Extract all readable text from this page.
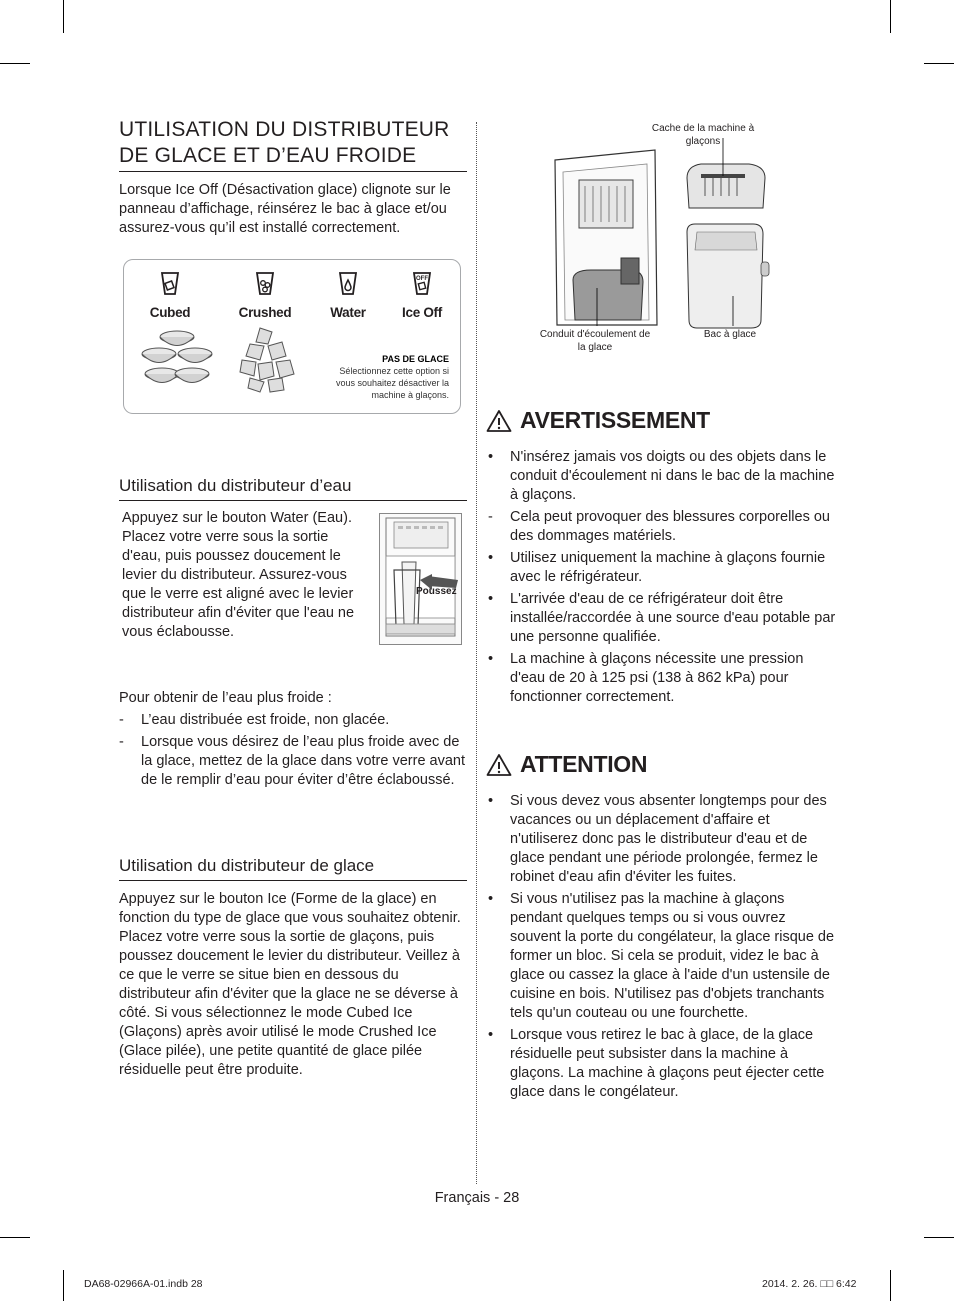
UTILISATION DU DISTRIBUTEUR
DE GLACE ET D’EAU FROIDE

Lorsque Ice Off (Désactivation glace) clignote sur le panneau d’affichage, réinsérez le bac à glace et/ou assurez-vous qu’il est installé correctement.

Cubed	Crushed	Water
OFF
Ice Off
PAS DE GLACE
Sélectionnez cette option si vous souhaitez désactiver la machine à glaçons.
Utilisation du distributeur d’eau

Appuyez sur le bouton Water (Eau). Placez votre verre sous la sortie d'eau, puis poussez doucement le levier du distributeur. Assurez-vous que le verre est aligné avec le levier distributeur afin d'éviter que l'eau ne vous éclabousse.

Poussez

Pour obtenir de l’eau plus froide :

- L’eau distribuée est froide, non glacée.
- Lorsque vous désirez de l’eau plus froide avec de la glace, mettez de la glace dans votre verre avant de le remplir d’eau pour éviter d’être éclaboussé.
Utilisation du distributeur de glace

Appuyez sur le bouton Ice (Forme de la glace) en fonction du type de glace que vous souhaitez obtenir. Placez votre verre sous la sortie de glaçons, puis poussez doucement le levier du distributeur. Veillez à ce que le verre se situe bien en dessous du distributeur afin d'éviter que la glace ne se déverse à côté. Si vous sélectionnez le mode Cubed Ice (Glaçons) après avoir utilisé le mode Crushed Ice (Glace pilée), une petite quantité de glace pilée résiduelle peut être produite.

Cache de la machine à glaçons
Conduit d'écoulement de la glace
Bac à glace
AVERTISSEMENT
• N'insérez jamais vos doigts ou des objets dans le conduit d'écoulement ni dans le bac de la machine à glaçons.
- Cela peut provoquer des blessures corporelles ou des dommages matériels.
• Utilisez uniquement la machine à glaçons fournie avec le réfrigérateur.
• L'arrivée d'eau de ce réfrigérateur doit être installée/raccordée à une source d'eau potable par une personne qualifiée.
• La machine à glaçons nécessite une pression d'eau de 20 à 125 psi (138 à 862 kPa) pour fonctionner correctement.
ATTENTION
• Si vous devez vous absenter longtemps pour des vacances ou un déplacement d'affaire et n'utiliserez donc pas le distributeur d'eau et de glace pendant une période prolongée, fermez le robinet d'eau afin d'éviter les fuites.
• Si vous n'utilisez pas la machine à glaçons pendant quelques temps ou si vous ouvrez souvent la porte du congélateur, la glace risque de former un bloc. Si cela se produit, videz le bac à glace ou cassez la glace à l'aide d'un ustensile de cuisine en bois. N'utilisez pas d'objets tranchants tels qu'un couteau ou une fourchette.
• Lorsque vous retirez le bac à glace, de la glace résiduelle peut subsister dans la machine à glaçons. La machine à glaçons peut éjecter cette glace dans le congélateur.
Français - 28
DA68-02966A-01.indb 28	2014. 2. 26. □□ 6:42
